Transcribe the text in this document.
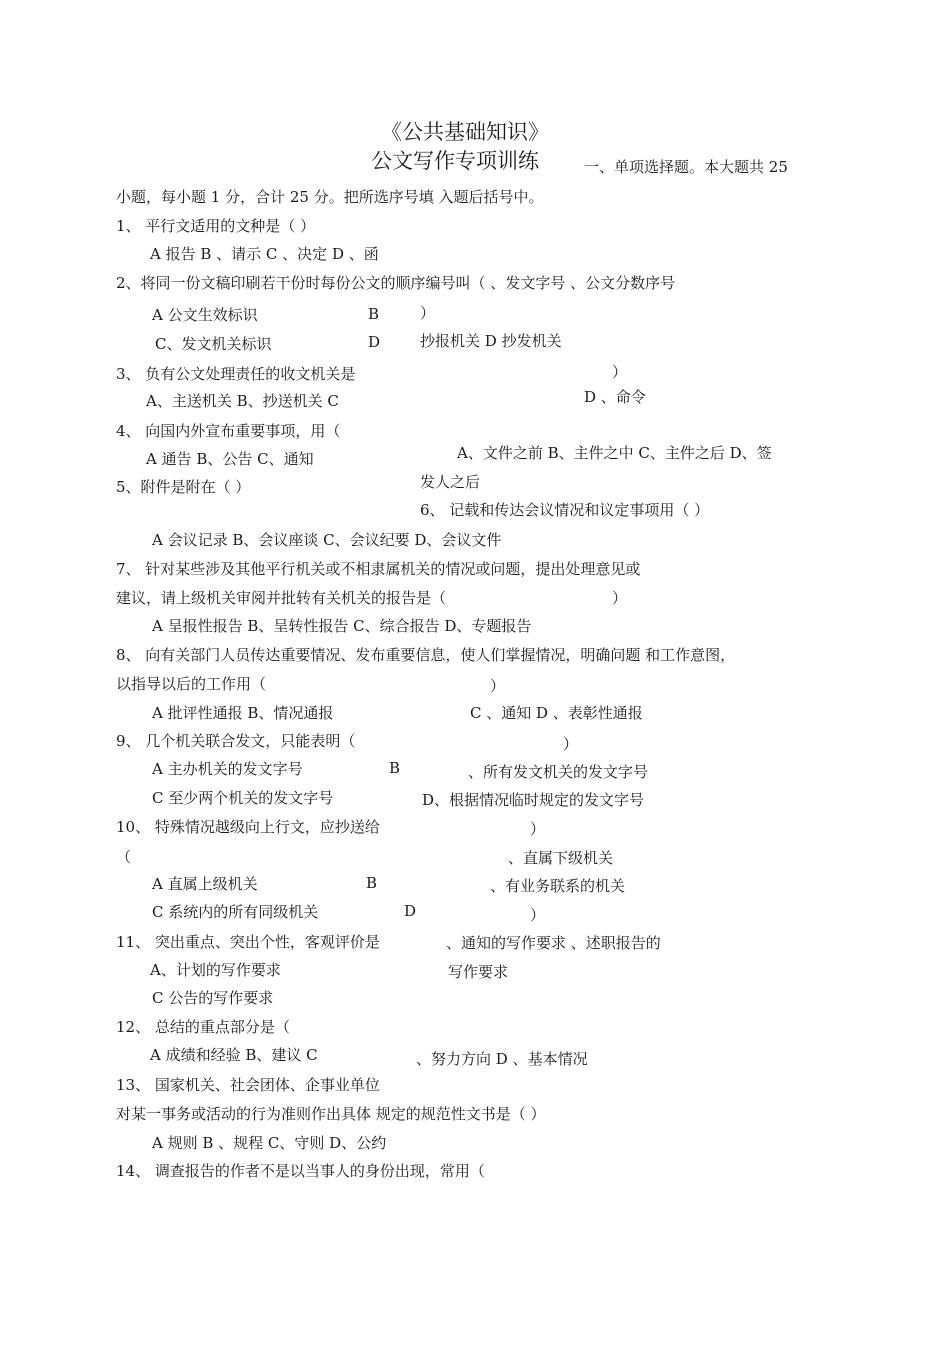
《公共基础知识》
公文写作专项训练	一、单项选择题。本大题共 25
小题，每小题 1 分，合计 25 分。把所选序号填 入题后括号中。
1、 平行文适用的文种是（ ）
A 报告 B 、请示 C 、决定 D 、函
2、将同一份文稿印刷若干份时每份公文的顺序编号叫（ 、发文字号 、公文分数序号
A 公文生效标识	B	）
C、发文机关标识	D	抄报机关 D 抄发机关
）
3、 负有公文处理责任的收文机关是
A、主送机关 B、抄送机关 C	D 、命令
4、 向国内外宣布重要事项，用（
A、文件之前 B、主件之中 C、主件之后 D、签
A 通告 B、公告 C、通知
5、附件是附在（ ）	发人之后
6、 记载和传达会议情况和议定事项用（ ）
A 会议记录 B、会议座谈 C、会议纪要 D、会议文件
7、 针对某些涉及其他平行机关或不相隶属机关的情况或问题，提出处理意见或
建议，请上级机关审阅并批转有关机关的报告是（	）
A 呈报性报告 B、呈转性报告 C、综合报告 D、专题报告
8、 向有关部门人员传达重要情况、发布重要信息，使人们掌握情况，明确问题 和工作意图，
以指导以后的工作用（	）
A 批评性通报 B、情况通报	C 、通知 D 、表彰性通报
9、 几个机关联合发文，只能表明（	）
A 主办机关的发文字号	B	、所有发文机关的发文字号
C 至少两个机关的发文字号	D、根据情况临时规定的发文字号
10、 特殊情况越级向上行文，应抄送给	）
（	、直属下级机关
A 直属上级机关	B	、有业务联系的机关
C 系统内的所有同级机关	D	）
11、 突出重点、突出个性，客观评价是	、通知的写作要求 、述职报告的
A、计划的写作要求	写作要求
C 公告的写作要求
12、 总结的重点部分是（
A 成绩和经验 B、建议 C	、努力方向 D 、基本情况
13、 国家机关、社会团体、企事业单位
对某一事务或活动的行为准则作出具体 规定的规范性文书是（ ）
A 规则 B 、规程 C、守则 D、公约
14、 调查报告的作者不是以当事人的身份出现，常用（
